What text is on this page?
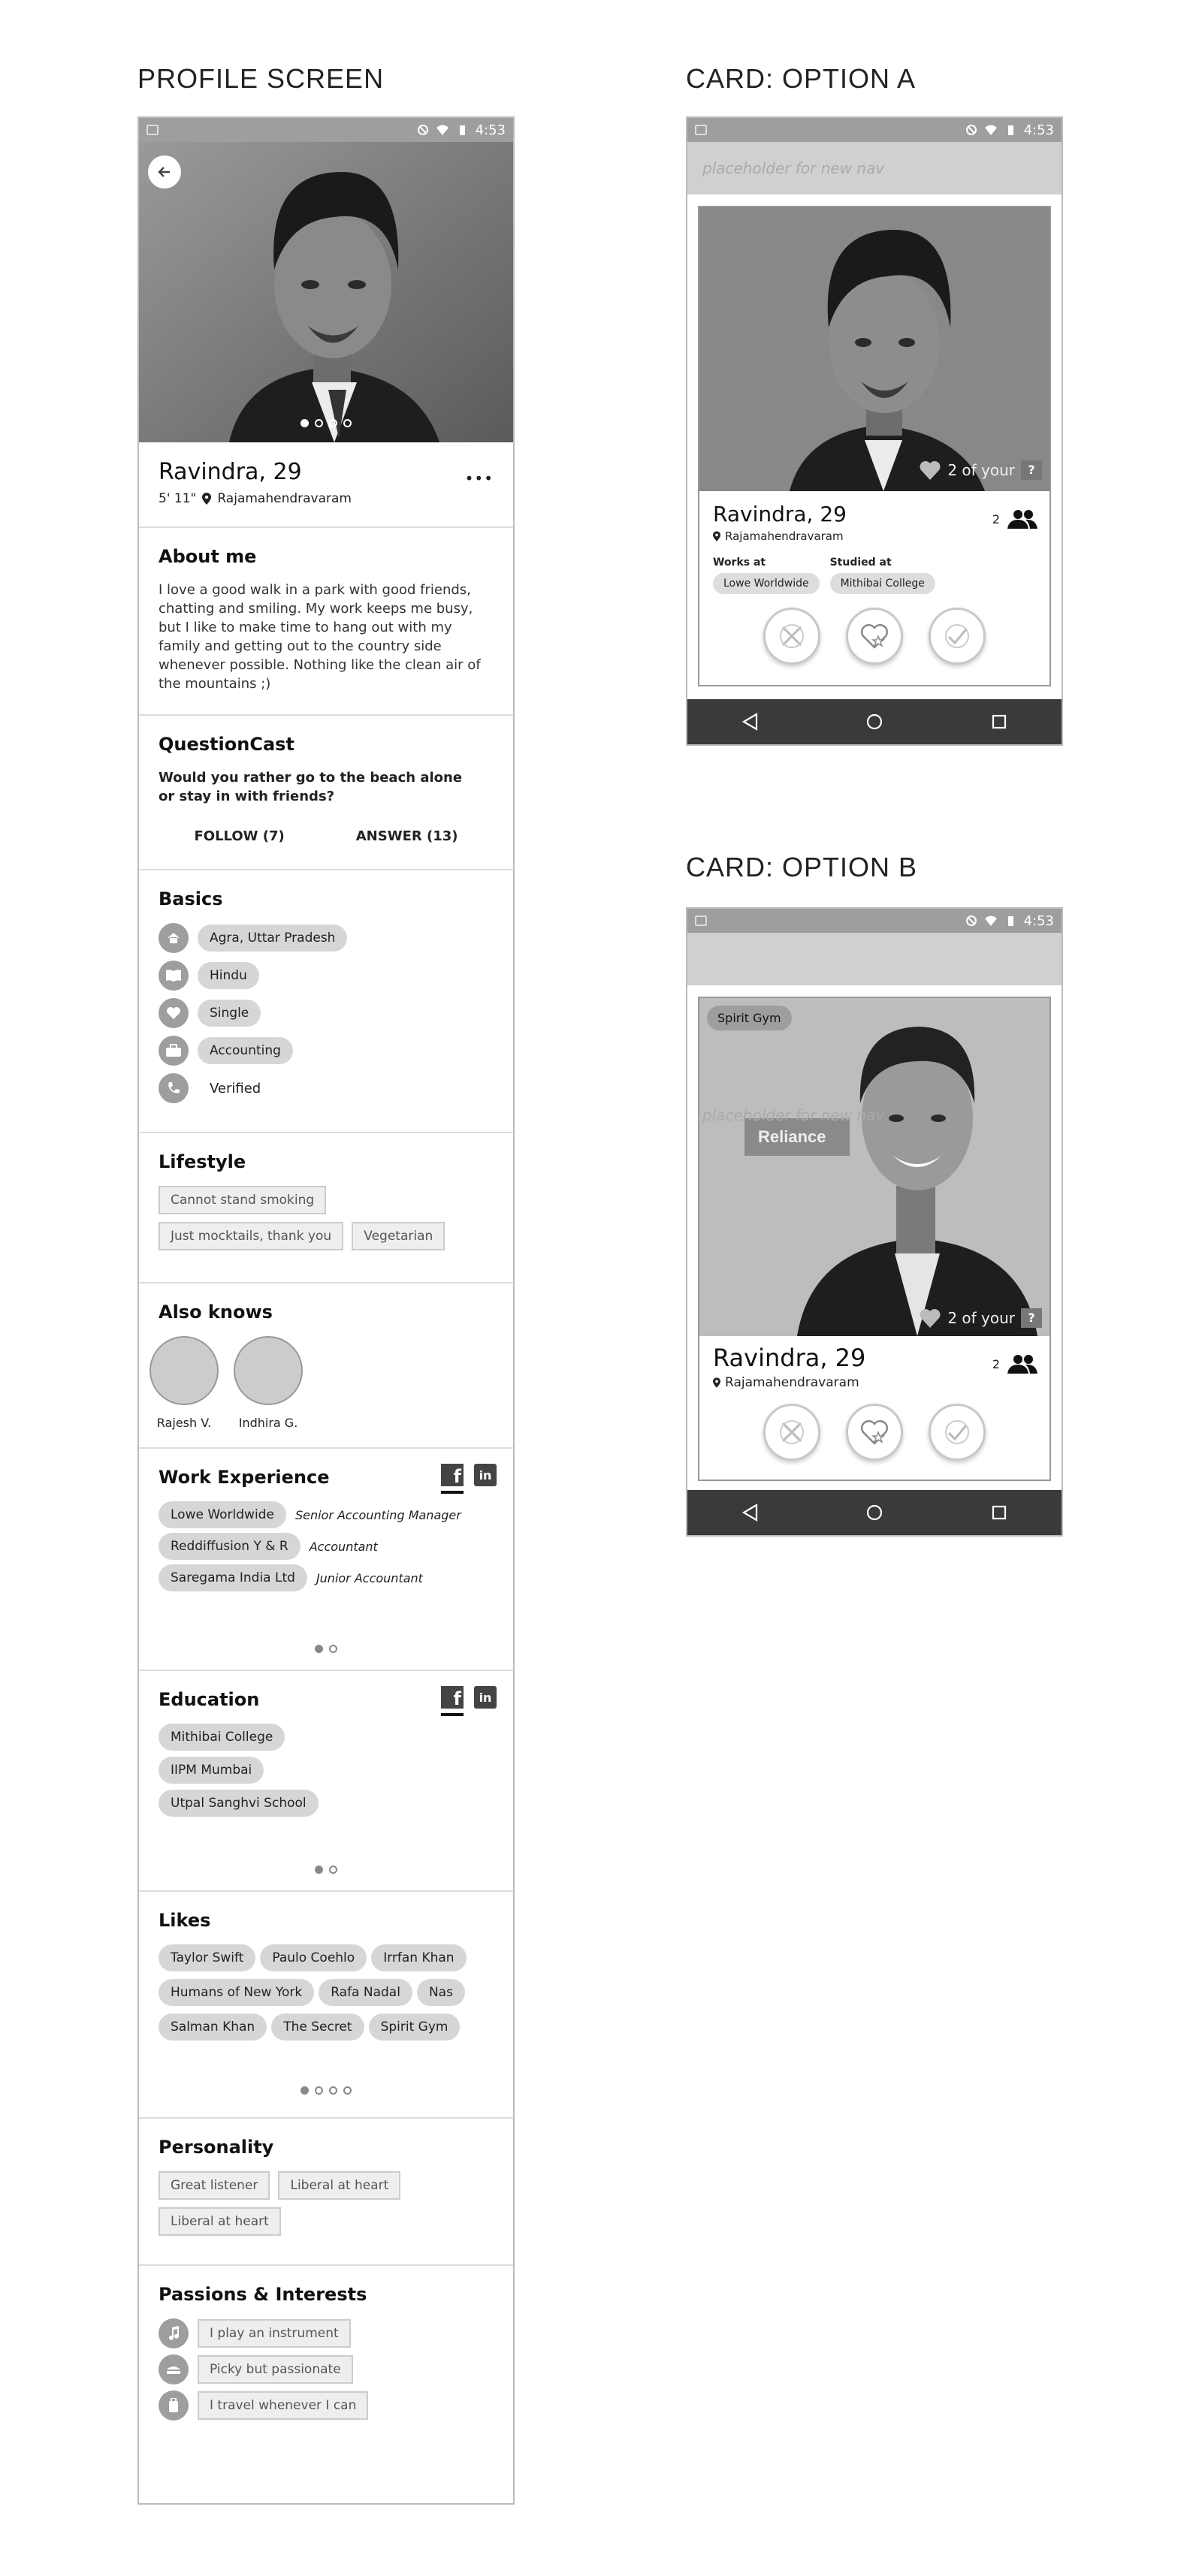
PROFILE SCREEN	CARD: OPTION A
CARD: OPTION B
4:53
Ravindra, 29
5' 11" Rajamahendravaram
•••
About me
I love a good walk in a park with good friends, chatting and smiling. My work keeps me busy, but I like to make time to hang out with my family and getting out to the country side whenever possible. Nothing like the clean air of the mountains ;)
QuestionCast
Would you rather go to the beach alone or stay in with friends?
FOLLOW (7)	ANSWER (13)
Basics
Agra, Uttar Pradesh
Hindu
Single
Accounting
Verified
Lifestyle
Cannot stand smoking
Just mocktails, thank you	Vegetarian
Also knows
Rajesh V.	Indhira G.
Work Experience	f	in
Lowe Worldwide	Senior Accounting Manager
Reddiffusion Y & R	Accountant
Saregama India Ltd	Junior Accountant
Education	f	in
Mithibai College
IIPM Mumbai
Utpal Sanghvi School
Likes
Taylor Swift Paulo Coehlo Irrfan Khan
Humans of New York Rafa Nadal Nas
Salman Khan The Secret Spirit Gym
Personality
Great listener	Liberal at heart
Liberal at heart
Passions & Interests
I play an instrument
Picky but passionate
I travel whenever I can
4:53
placeholder for new nav
2 of your	?
Ravindra, 29
Rajamahendravaram
2
Works at
Lowe Worldwide
Studied at
Mithibai College
4:53
Reliance
Spirit Gym
placeholder for new nav
2 of your	?
Ravindra, 29
Rajamahendravaram
2
